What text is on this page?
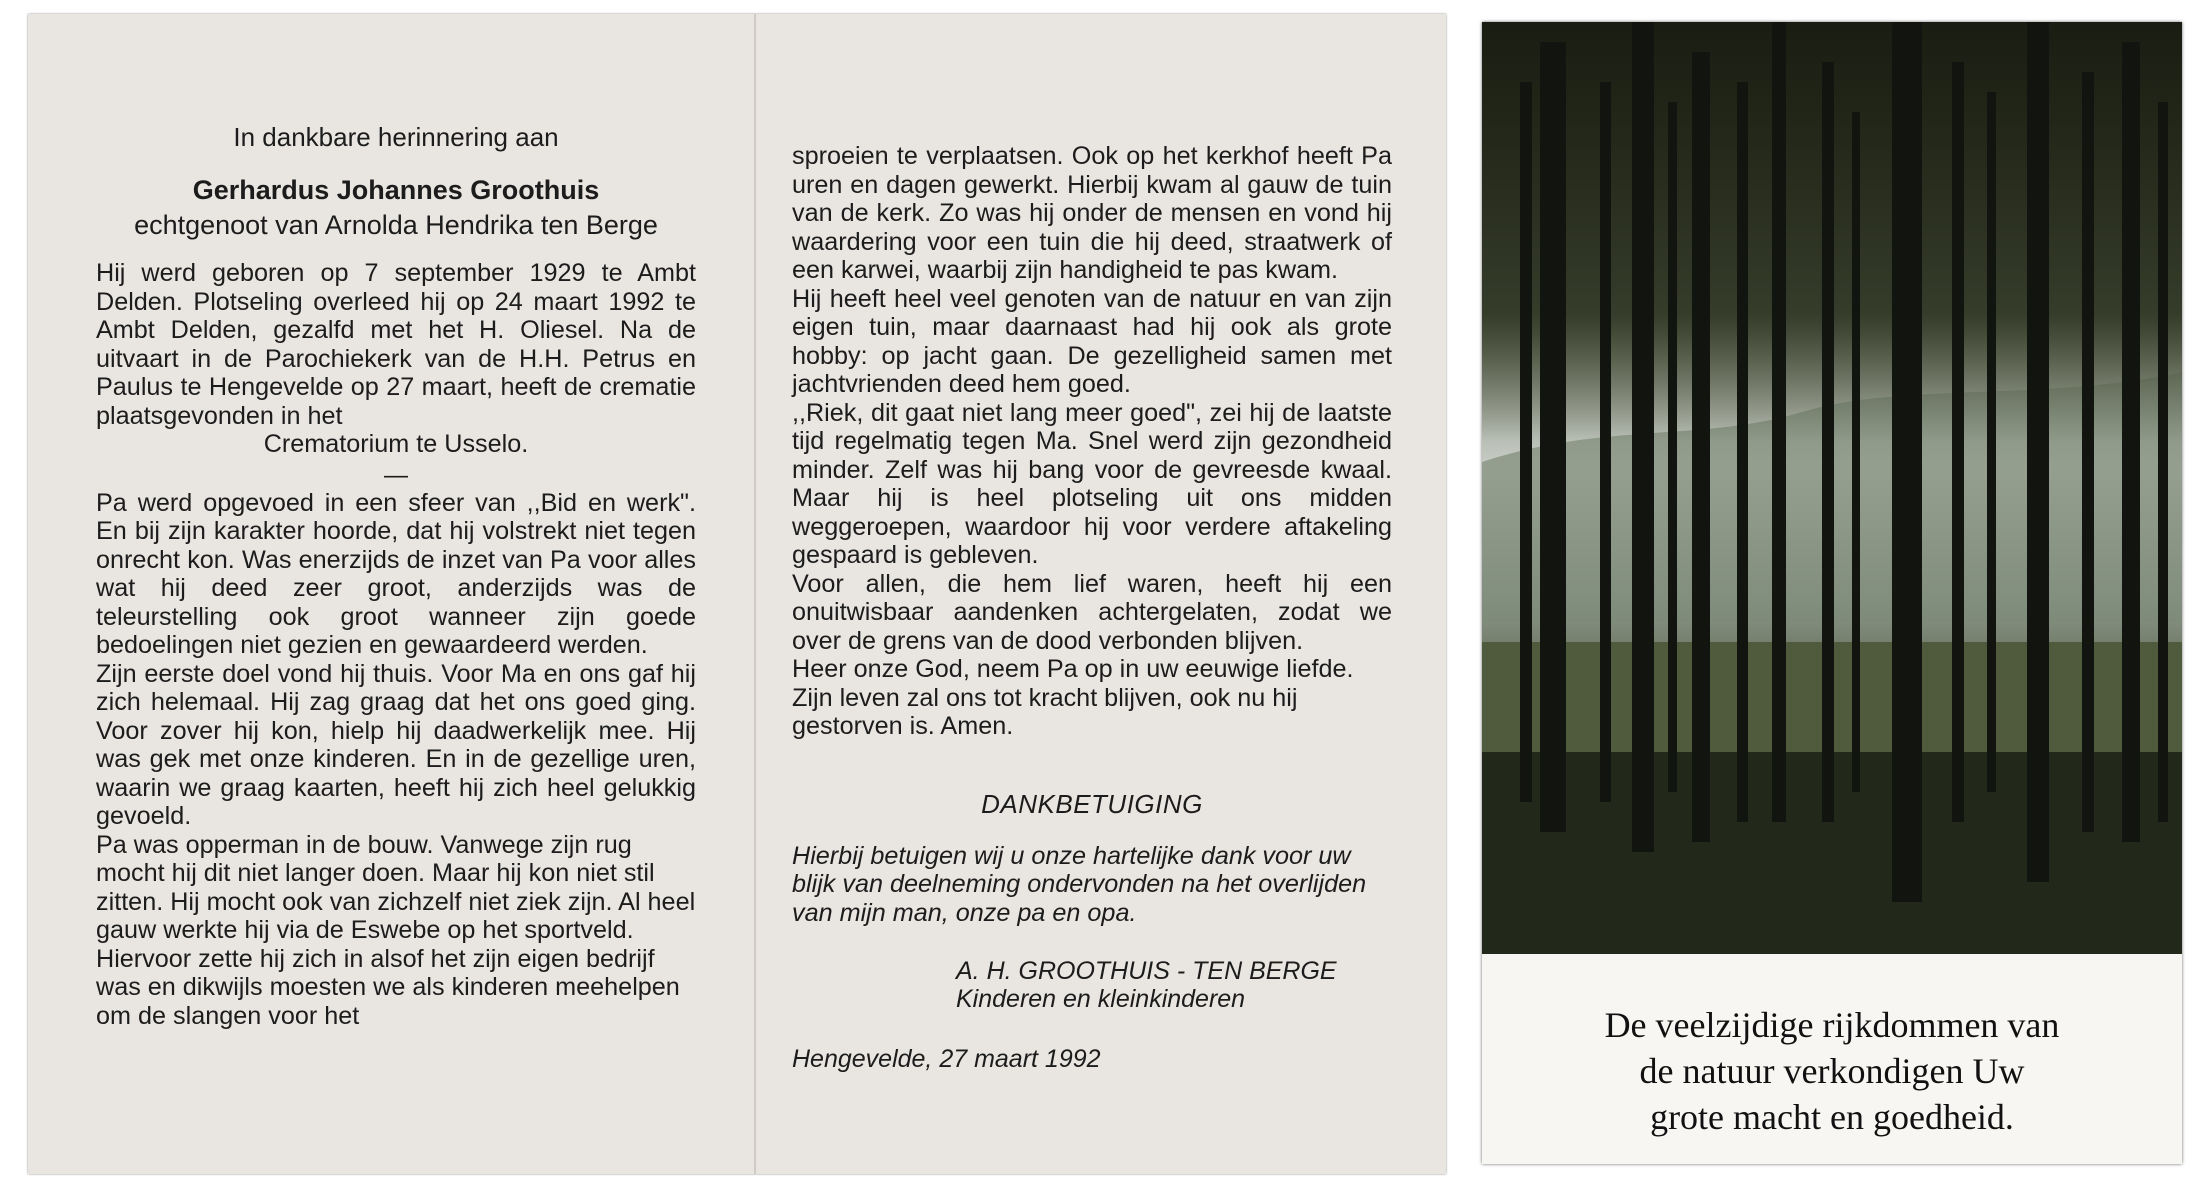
In dankbare herinnering aan
Gerhardus Johannes Groothuis
echtgenoot van Arnolda Hendrika ten Berge

Hij werd geboren op 7 september 1929 te Ambt Delden. Plotseling overleed hij op 24 maart 1992 te Ambt Delden, gezalfd met het H. Oliesel. Na de uitvaart in de Parochiekerk van de H.H. Petrus en Paulus te Hengevelde op 27 maart, heeft de crematie plaatsgevonden in het

Crematorium te Usselo.
—

Pa werd opgevoed in een sfeer van ,,Bid en werk". En bij zijn karakter hoorde, dat hij volstrekt niet tegen onrecht kon. Was enerzijds de inzet van Pa voor alles wat hij deed zeer groot, anderzijds was de teleurstelling ook groot wanneer zijn goede bedoelingen niet gezien en gewaardeerd werden.

Zijn eerste doel vond hij thuis. Voor Ma en ons gaf hij zich helemaal. Hij zag graag dat het ons goed ging. Voor zover hij kon, hielp hij daadwerkelijk mee. Hij was gek met onze kinderen. En in de gezellige uren, waarin we graag kaarten, heeft hij zich heel gelukkig gevoeld.

Pa was opperman in de bouw. Vanwege zijn rug mocht hij dit niet langer doen. Maar hij kon niet stil zitten. Hij mocht ook van zichzelf niet ziek zijn. Al heel gauw werkte hij via de Eswebe op het sportveld. Hiervoor zette hij zich in alsof het zijn eigen bedrijf was en dikwijls moesten we als kinderen meehelpen om de slangen voor het

sproeien te verplaatsen. Ook op het kerkhof heeft Pa uren en dagen gewerkt. Hierbij kwam al gauw de tuin van de kerk. Zo was hij onder de mensen en vond hij waardering voor een tuin die hij deed, straatwerk of een karwei, waarbij zijn handigheid te pas kwam.

Hij heeft heel veel genoten van de natuur en van zijn eigen tuin, maar daarnaast had hij ook als grote hobby: op jacht gaan. De gezelligheid samen met jachtvrienden deed hem goed.

,,Riek, dit gaat niet lang meer goed", zei hij de laatste tijd regelmatig tegen Ma. Snel werd zijn gezondheid minder. Zelf was hij bang voor de gevreesde kwaal. Maar hij is heel plotseling uit ons midden weggeroepen, waardoor hij voor verdere aftakeling gespaard is gebleven.

Voor allen, die hem lief waren, heeft hij een onuitwisbaar aandenken achtergelaten, zodat we over de grens van de dood verbonden blijven.

Heer onze God, neem Pa op in uw eeuwige liefde. Zijn leven zal ons tot kracht blijven, ook nu hij gestorven is. Amen.

DANKBETUIGING

Hierbij betuigen wij u onze hartelijke dank voor uw blijk van deelneming ondervonden na het overlijden van mijn man, onze pa en opa.

A. H. GROOTHUIS - TEN BERGE
Kinderen en kleinkinderen
Hengevelde, 27 maart 1992
De veelzijdige rijkdommen van
de natuur verkondigen Uw
grote macht en goedheid.
